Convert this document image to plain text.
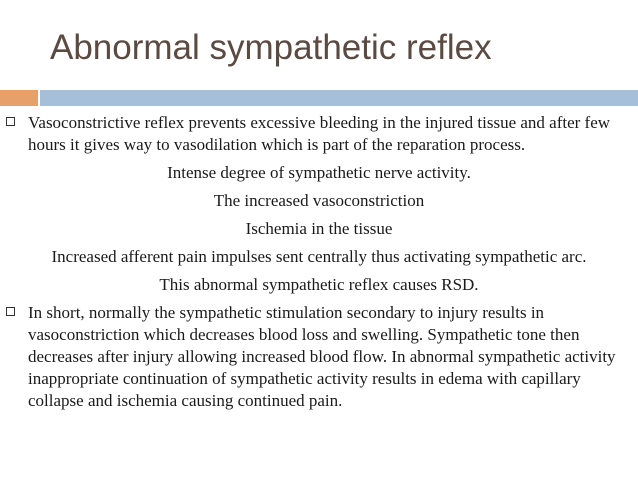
Abnormal sympathetic reflex
Vasoconstrictive reflex prevents excessive bleeding in the injured tissue and after few hours it gives way to vasodilation which is part of the reparation process.
Intense degree of sympathetic nerve activity.
The increased vasoconstriction
Ischemia in the tissue
Increased afferent pain impulses sent centrally thus activating sympathetic arc.
This abnormal sympathetic reflex causes RSD.
In short, normally the sympathetic stimulation secondary to injury results in vasoconstriction which decreases blood loss and swelling. Sympathetic tone then decreases after injury allowing increased blood flow. In abnormal sympathetic activity inappropriate continuation of sympathetic activity results in edema with capillary collapse and ischemia causing continued pain.
